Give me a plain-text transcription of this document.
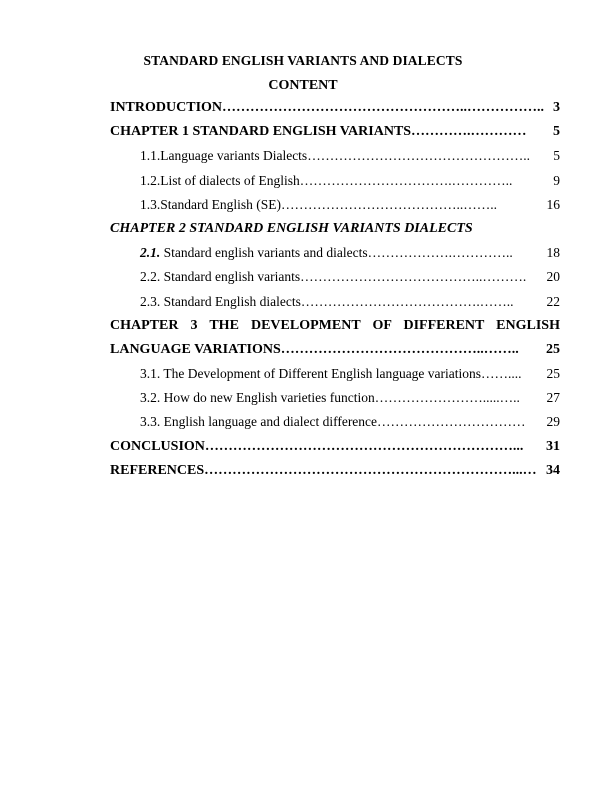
STANDARD ENGLISH VARIANTS AND DIALECTS
CONTENT
INTRODUCTION……………………………………………..…………….. 3
CHAPTER 1 STANDARD ENGLISH VARIANTS………….………… 5
1.1.Language variants Dialects………………………………………….. 5
1.2.List of dialects of English…………………………….…………..	9
1.3.Standard English (SE)…………………………………..……..	16
CHAPTER 2 STANDARD ENGLISH VARIANTS DIALECTS
2.1. Standard english variants and dialects……………….…………..	18
2.2. Standard english variants…………………………………..………. 20
2.3. Standard English dialects………………………………….…….. 22
CHAPTER 3 THE DEVELOPMENT OF DIFFERENT ENGLISH
LANGUAGE VARIATIONS……………………………………..…….. 25
3.1. The Development of Different English language variations…….... 25
3.2. How do new English varieties function…………………….....….. 27
3.3. English language and dialect difference…………………………… 29
CONCLUSION…………………………………………………………... 31
REFERENCES…………………………………………………………...… 34
